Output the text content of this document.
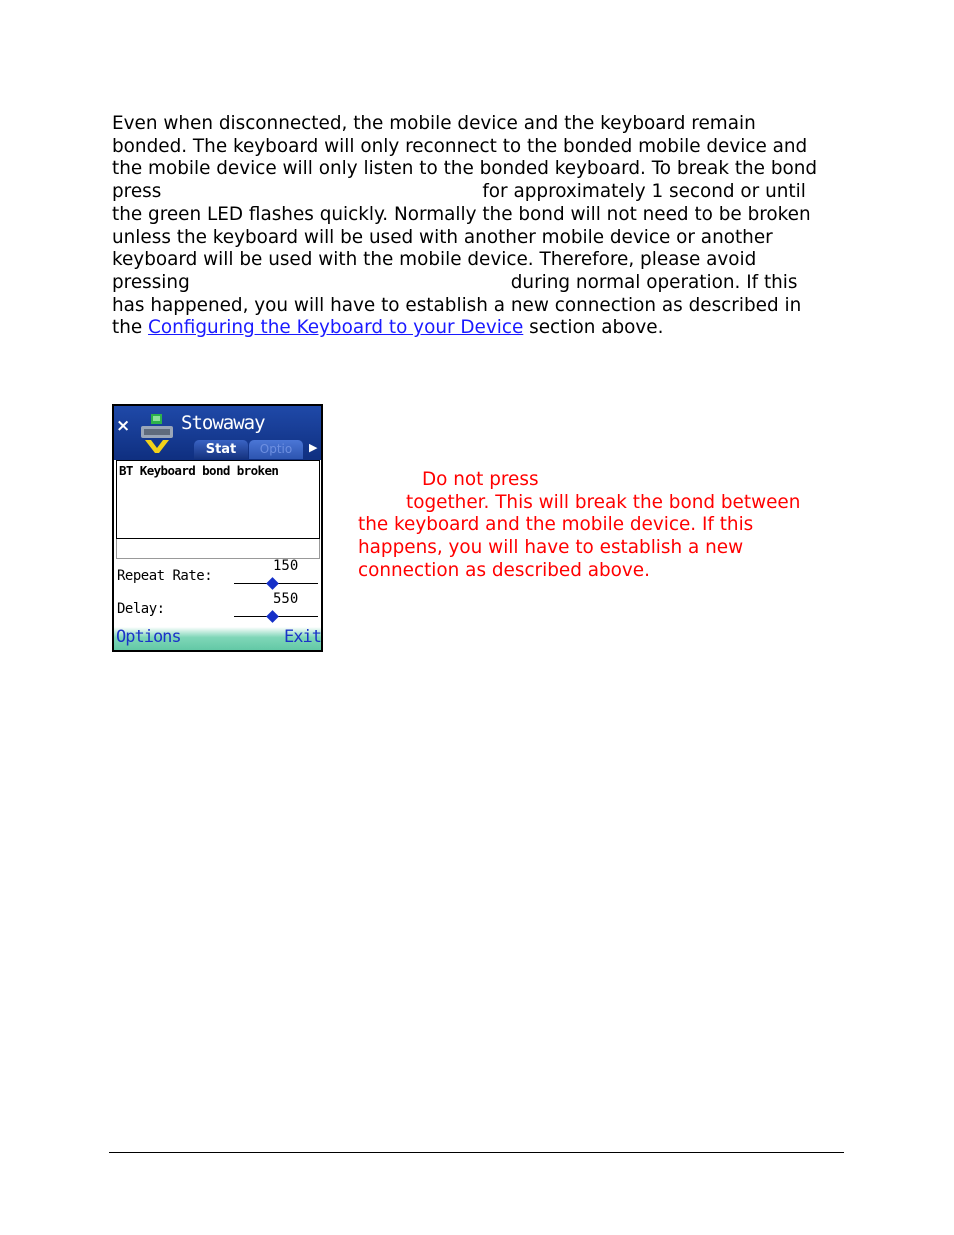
Even when disconnected, the mobile device and the keyboard remain
bonded. The keyboard will only reconnect to the bonded mobile device and
the mobile device will only listen to the bonded keyboard. To break the bond
press	for approximately 1 second or until
the green LED flashes quickly. Normally the bond will not need to be broken
unless the keyboard will be used with another mobile device or another
keyboard will be used with the mobile device. Therefore, please avoid
pressing	during normal operation. If this
has happened, you will have to establish a new connection as described in
the Configuring the Keyboard to your Device section above.
×	Stowaway
Stat	Optio	▶
BT Keyboard bond broken
Repeat Rate:
150
Delay:
550
Options	Exit
Do not press
together. This will break the bond between
the keyboard and the mobile device. If this
happens, you will have to establish a new
connection as described above.
